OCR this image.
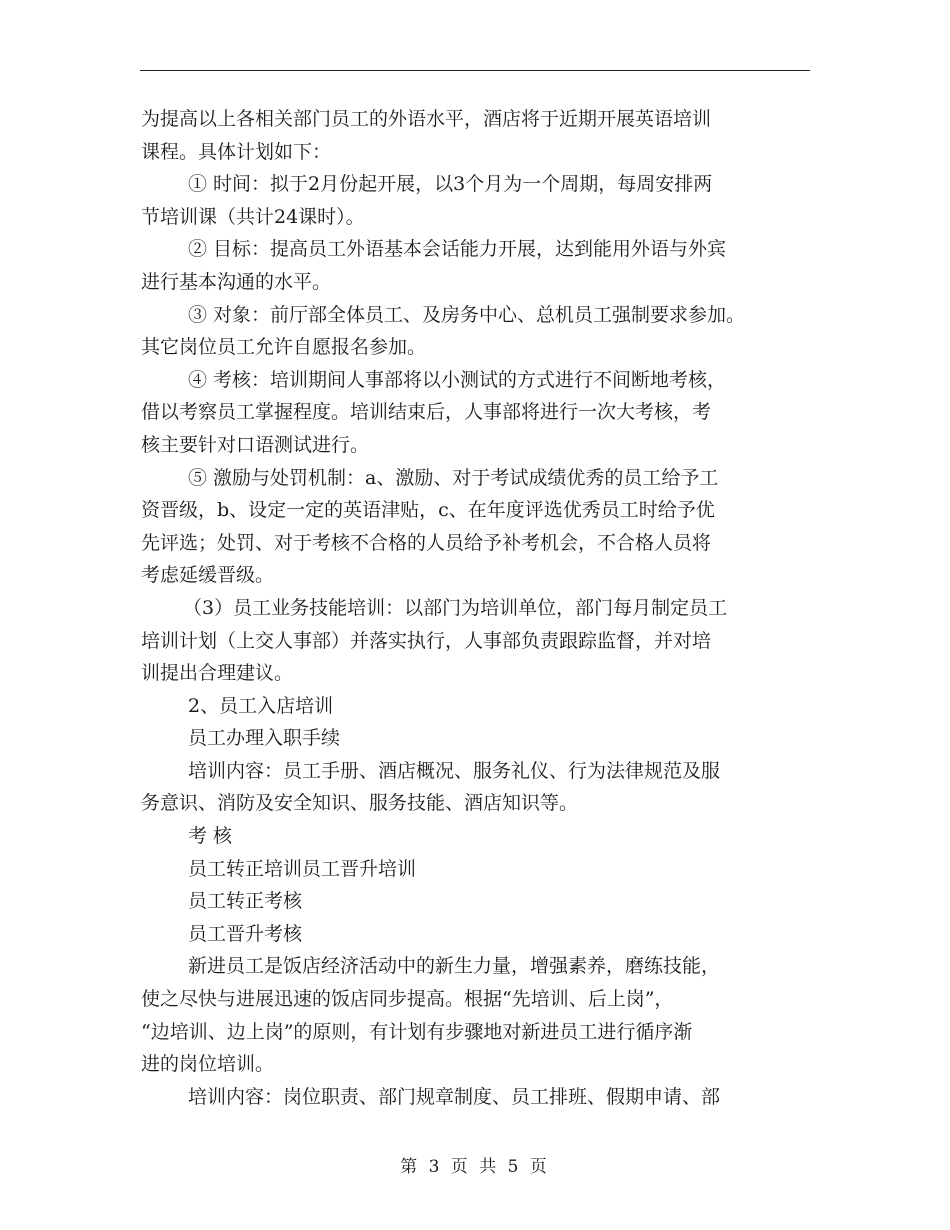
为提高以上各相关部门员工的外语水平，酒店将于近期开展英语培训
课程。具体计划如下：
① 时间：拟于2月份起开展，以3个月为一个周期，每周安排两
节培训课（共计24课时）。
② 目标：提高员工外语基本会话能力开展，达到能用外语与外宾
进行基本沟通的水平。
③ 对象：前厅部全体员工、及房务中心、总机员工强制要求参加。
其它岗位员工允许自愿报名参加。
④ 考核：培训期间人事部将以小测试的方式进行不间断地考核，
借以考察员工掌握程度。培训结束后，人事部将进行一次大考核，考
核主要针对口语测试进行。
⑤ 激励与处罚机制：a、激励、对于考试成绩优秀的员工给予工
资晋级，b、设定一定的英语津贴，c、在年度评选优秀员工时给予优
先评选；处罚、对于考核不合格的人员给予补考机会，不合格人员将
考虑延缓晋级。
（3）员工业务技能培训：以部门为培训单位，部门每月制定员工
培训计划（上交人事部）并落实执行，人事部负责跟踪监督，并对培
训提出合理建议。
2、员工入店培训
员工办理入职手续
培训内容：员工手册、酒店概况、服务礼仪、行为法律规范及服
务意识、消防及安全知识、服务技能、酒店知识等。
考 核
员工转正培训员工晋升培训
员工转正考核
员工晋升考核
新进员工是饭店经济活动中的新生力量，增强素养，磨练技能，
使之尽快与进展迅速的饭店同步提高。根据“先培训、后上岗”，
“边培训、边上岗”的原则，有计划有步骤地对新进员工进行循序渐
进的岗位培训。
培训内容：岗位职责、部门规章制度、员工排班、假期申请、部
第 3 页 共 5 页
